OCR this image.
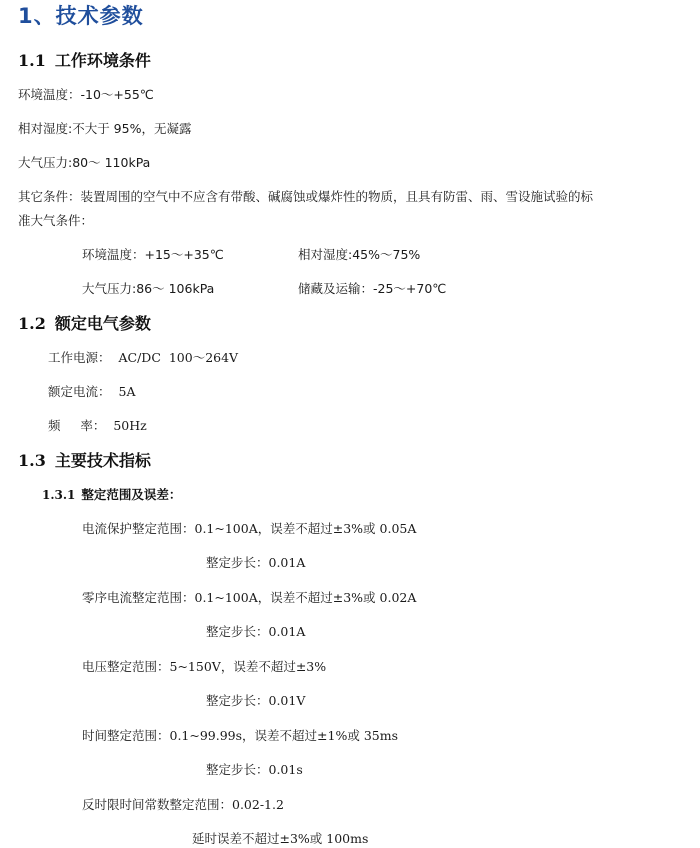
1、技术参数
1.1 工作环境条件
环境温度：-10～+55℃
相对湿度:不大于 95%，无凝露
大气压力:80～ 110kPa
其它条件：装置周围的空气中不应含有带酸、碱腐蚀或爆炸性的物质，且具有防雷、雨、雪设施试验的标
准大气条件：
环境温度：+15～+35℃	相对湿度:45%～75%
大气压力:86～ 106kPa	储藏及运输：-25～+70℃
1.2 额定电气参数
工作电源： AC/DC  100～264V
额定电流： 5A
频     率： 50Hz
1.3 主要技术指标
1.3.1 整定范围及误差：
电流保护整定范围：0.1~100A，误差不超过±3%或 0.05A
整定步长：0.01A
零序电流整定范围：0.1~100A，误差不超过±3%或 0.02A
整定步长：0.01A
电压整定范围：5~150V，误差不超过±3%
整定步长：0.01V
时间整定范围：0.1~99.99s，误差不超过±1%或 35ms
整定步长：0.01s
反时限时间常数整定范围：0.02-1.2
延时误差不超过±3%或 100ms
